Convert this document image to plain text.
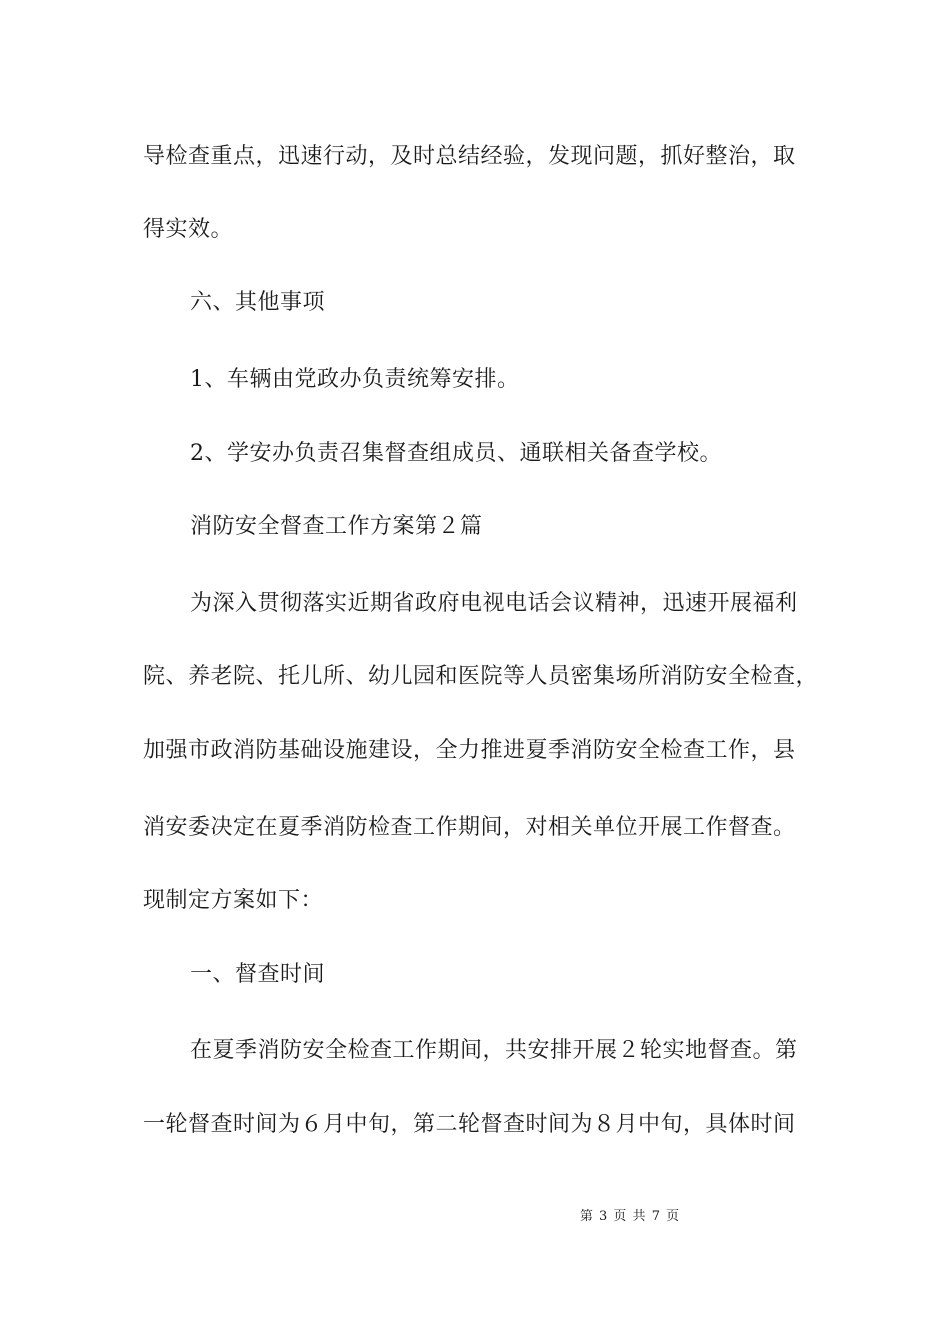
导检查重点，迅速行动，及时总结经验，发现问题，抓好整治，取
得实效。
六、其他事项
1、车辆由党政办负责统筹安排。
2、学安办负责召集督查组成员、通联相关备查学校。
消防安全督查工作方案第２篇
为深入贯彻落实近期省政府电视电话会议精神，迅速开展福利
院、养老院、托儿所、幼儿园和医院等人员密集场所消防安全检查，
加强市政消防基础设施建设，全力推进夏季消防安全检查工作，县
消安委决定在夏季消防检查工作期间，对相关单位开展工作督查。
现制定方案如下：
一、督查时间
在夏季消防安全检查工作期间，共安排开展２轮实地督查。第
一轮督查时间为６月中旬，第二轮督查时间为８月中旬，具体时间
第 3 页 共 7 页
